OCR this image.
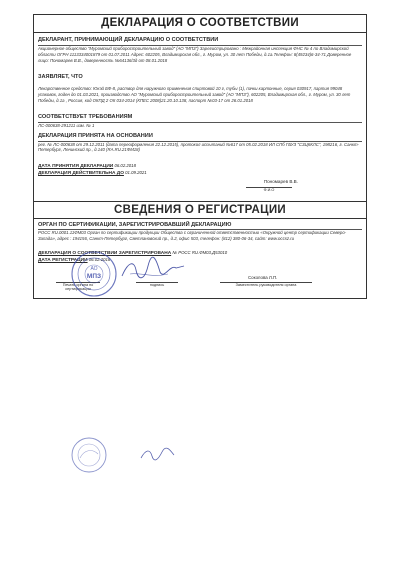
ДЕКЛАРАЦИЯ О СООТВЕТСТВИИ
ДЕКЛАРАНТ, ПРИНИМАЮЩИЙ ДЕКЛАРАЦИЮ О СООТВЕТСТВИИ
Акционерное общество "Муромский приборостроительный завод" (АО "МПЗ") Зарегистрировано : Межрайонная инспекция ФНС № 4 по Владимирской области ОГРН 1113334001879 от 01.07.2011 Адрес: 602205, Владимирская обл., г. Муром, ул. 30 лет Победы, д.1а.Телефон: 8(49234)6-34-71 Доверенное лицо: Пономарев В.В., доверенность №64136/3д от 08.01.2018
ЗАЯВЛЯЕТ, ЧТО
Лекарственное средство: Юкэй БФ-8, раствор для наружного применения спиртовой 10 г, тубы (1), пачки картонные, серия 030917, партия 99048 упаковок, годен до 01.03.2021, производство АО "Муромский приборостроительный завод" (АО "МПЗ"), 602205, Владимирская обл., г. Муром, ул. 30 лет Победы, д.1а , Россия, код ОКПД 2 ОК 034-2014 (КПЕС 2008)21.20.10.138, паспорт №03-17 от 26.01.2018
СООТВЕТСТВУЕТ ТРЕБОВАНИЯМ
ЛС-000638-291211 изм. № 1
ДЕКЛАРАЦИЯ ПРИНЯТА НА ОСНОВАНИИ
рег. № ЛС-000638 от 29.12.2011 (дата переоформления 22.12.2015), протокол испытаний №617 от 05.02.2018 ИЛ СПб ГБУЗ "СЗЦККЛС", 198216, г. Санкт-Петербург, Ленинский пр., д.140 (RA.RU.21ФМ18)
ДАТА ПРИНЯТИЯ ДЕКЛАРАЦИИ 06.02.2018
ДЕКЛАРАЦИЯ ДЕЙСТВИТЕЛЬНА ДО 01.09.2021
Пономарев В.В.
Ф.И.О
СВЕДЕНИЯ О РЕГИСТРАЦИИ
ОРГАН ПО СЕРТИФИКАЦИИ, ЗАРЕГИСТРИРОВАВШИЙ ДЕКЛАРАЦИЮ
РОСС RU.0001.11ФМ03 Орган по сертификации продукции Общества с ограниченной ответственностью «Окружной центр сертификации Северо-Запада», адрес : 194156, Санкт-Петербург, Светлановский пр., д.2, офис 503, телефон: (812) 380-06-34, сайт: www.occsz.ru
ДЕКЛАРАЦИЯ О СООТВЕТСТВИИ ЗАРЕГИСТРИРОВАНА № РОСС RU.ФМ03.Д53010
ДАТА РЕГИСТРАЦИИ 06.02.2018
Печать органа по сертификации
подпись
Соколова Л.П.
Заместитель руководителя органа
АО
МПЗ
